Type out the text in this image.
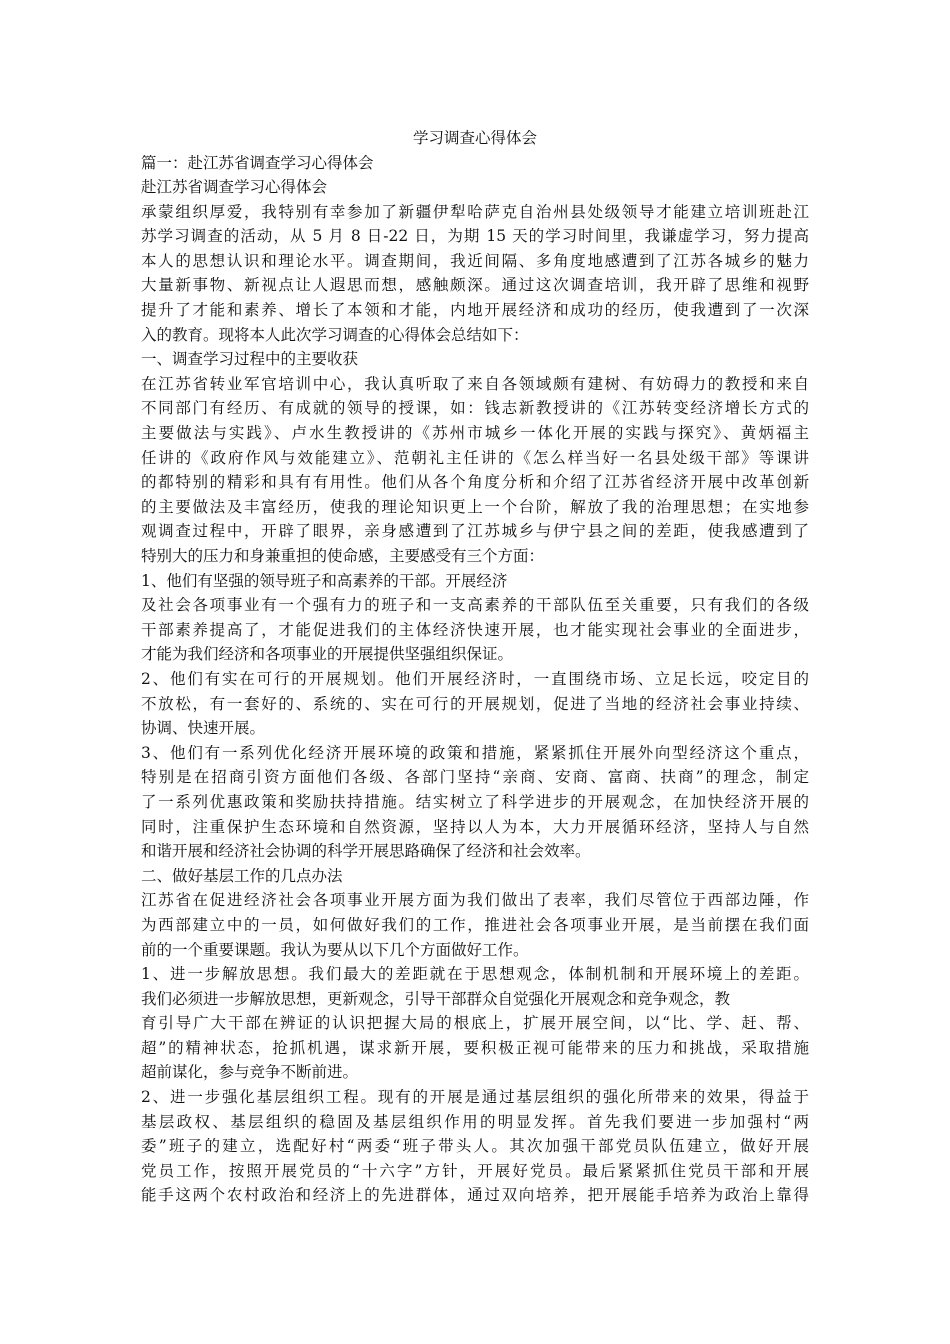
学习调查心得体会
篇一：赴江苏省调查学习心得体会
赴江苏省调查学习心得体会
承蒙组织厚爱，我特别有幸参加了新疆伊犁哈萨克自治州县处级领导才能建立培训班赴江
苏学习调查的活动，从 5 月 8 日-22 日，为期 15 天的学习时间里，我谦虚学习，努力提高
本人的思想认识和理论水平。调查期间，我近间隔、多角度地感遭到了江苏各城乡的魅力
大量新事物、新视点让人遐思而想，感触颇深。通过这次调查培训，我开辟了思维和视野
提升了才能和素养、增长了本领和才能，内地开展经济和成功的经历，使我遭到了一次深
入的教育。现将本人此次学习调查的心得体会总结如下：
一、调查学习过程中的主要收获
在江苏省转业军官培训中心，我认真听取了来自各领域颇有建树、有妨碍力的教授和来自
不同部门有经历、有成就的领导的授课，如：钱志新教授讲的《江苏转变经济增长方式的
主要做法与实践》、卢水生教授讲的《苏州市城乡一体化开展的实践与探究》、黄炳福主
任讲的《政府作风与效能建立》、范朝礼主任讲的《怎么样当好一名县处级干部》等课讲
的都特别的精彩和具有有用性。他们从各个角度分析和介绍了江苏省经济开展中改革创新
的主要做法及丰富经历，使我的理论知识更上一个台阶，解放了我的治理思想；在实地参
观调查过程中，开辟了眼界，亲身感遭到了江苏城乡与伊宁县之间的差距，使我感遭到了
特别大的压力和身兼重担的使命感，主要感受有三个方面：
1、他们有坚强的领导班子和高素养的干部。开展经济
及社会各项事业有一个强有力的班子和一支高素养的干部队伍至关重要，只有我们的各级
干部素养提高了，才能促进我们的主体经济快速开展，也才能实现社会事业的全面进步，
才能为我们经济和各项事业的开展提供坚强组织保证。
2、他们有实在可行的开展规划。他们开展经济时，一直围绕市场、立足长远，咬定目的
不放松，有一套好的、系统的、实在可行的开展规划，促进了当地的经济社会事业持续、
协调、快速开展。
3、他们有一系列优化经济开展环境的政策和措施，紧紧抓住开展外向型经济这个重点，
特别是在招商引资方面他们各级、各部门坚持“亲商、安商、富商、扶商”的理念，制定
了一系列优惠政策和奖励扶持措施。结实树立了科学进步的开展观念，在加快经济开展的
同时，注重保护生态环境和自然资源，坚持以人为本，大力开展循环经济，坚持人与自然
和谐开展和经济社会协调的科学开展思路确保了经济和社会效率。
二、做好基层工作的几点办法
江苏省在促进经济社会各项事业开展方面为我们做出了表率，我们尽管位于西部边陲，作
为西部建立中的一员，如何做好我们的工作，推进社会各项事业开展，是当前摆在我们面
前的一个重要课题。我认为要从以下几个方面做好工作。
1、进一步解放思想。我们最大的差距就在于思想观念，体制机制和开展环境上的差距。
我们必须进一步解放思想，更新观念，引导干部群众自觉强化开展观念和竞争观念，教
育引导广大干部在辨证的认识把握大局的根底上，扩展开展空间，以“比、学、赶、帮、
超”的精神状态，抢抓机遇，谋求新开展，要积极正视可能带来的压力和挑战，采取措施
超前谋化，参与竞争不断前进。
2、进一步强化基层组织工程。现有的开展是通过基层组织的强化所带来的效果，得益于
基层政权、基层组织的稳固及基层组织作用的明显发挥。首先我们要进一步加强村“两
委”班子的建立，选配好村“两委“班子带头人。其次加强干部党员队伍建立，做好开展
党员工作，按照开展党员的“十六字”方针，开展好党员。最后紧紧抓住党员干部和开展
能手这两个农村政治和经济上的先进群体，通过双向培养，把开展能手培养为政治上靠得
